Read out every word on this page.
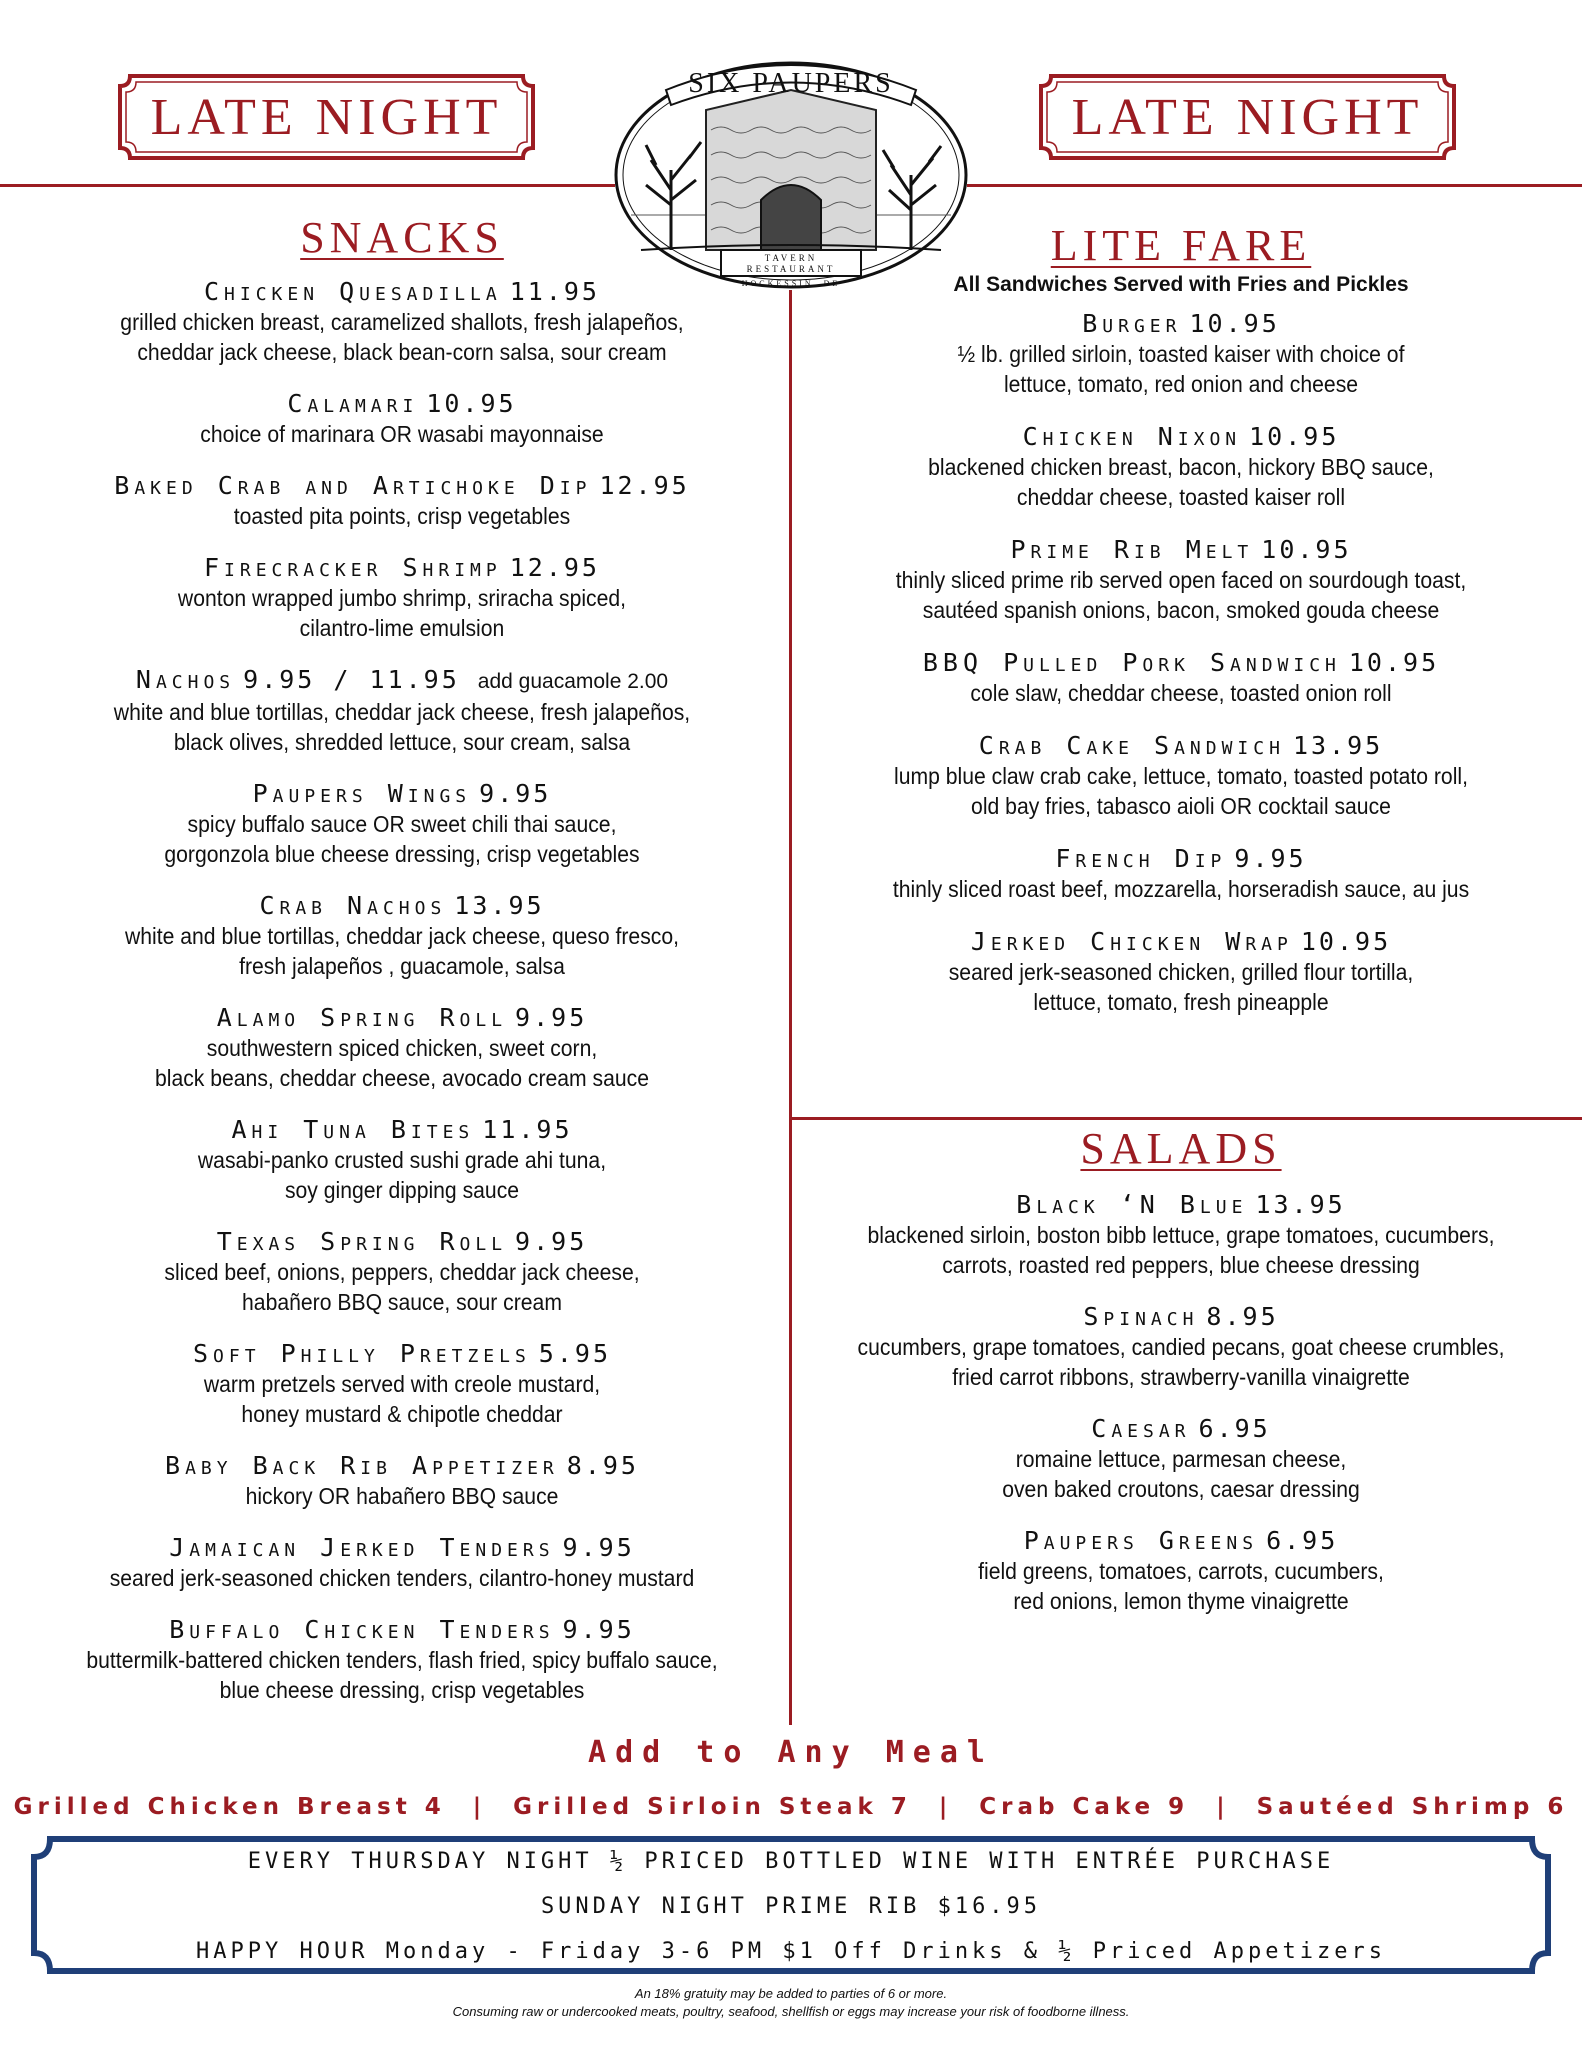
LATE NIGHT	LATE NIGHT
SIX PAUPERS
TAVERN
RESTAURANT
HOCKESSIN, DE
SNACKS
Chicken Quesadilla 11.95
grilled chicken breast, caramelized shallots, fresh jalapeños,
cheddar jack cheese, black bean-corn salsa, sour cream
Calamari 10.95
choice of marinara OR wasabi mayonnaise
Baked Crab and Artichoke Dip 12.95
toasted pita points, crisp vegetables
Firecracker Shrimp 12.95
wonton wrapped jumbo shrimp, sriracha spiced,
cilantro-lime emulsion
Nachos 9.95 / 11.95 add guacamole 2.00
white and blue tortillas, cheddar jack cheese, fresh jalapeños,
black olives, shredded lettuce, sour cream, salsa
Paupers Wings 9.95
spicy buffalo sauce OR sweet chili thai sauce,
gorgonzola blue cheese dressing, crisp vegetables
Crab Nachos 13.95
white and blue tortillas, cheddar jack cheese, queso fresco,
fresh jalapeños , guacamole, salsa
Alamo Spring Roll 9.95
southwestern spiced chicken, sweet corn,
black beans, cheddar cheese, avocado cream sauce
Ahi Tuna Bites 11.95
wasabi-panko crusted sushi grade ahi tuna,
soy ginger dipping sauce
Texas Spring Roll 9.95
sliced beef, onions, peppers, cheddar jack cheese,
habañero BBQ sauce, sour cream
Soft Philly Pretzels 5.95
warm pretzels served with creole mustard,
honey mustard & chipotle cheddar
Baby Back Rib Appetizer 8.95
hickory OR habañero BBQ sauce
Jamaican Jerked Tenders 9.95
seared jerk-seasoned chicken tenders, cilantro-honey mustard
Buffalo Chicken Tenders 9.95
buttermilk-battered chicken tenders, flash fried, spicy buffalo sauce,
blue cheese dressing, crisp vegetables
LITE FARE
All Sandwiches Served with Fries and Pickles
Burger 10.95
½ lb. grilled sirloin, toasted kaiser with choice of
lettuce, tomato, red onion and cheese
Chicken Nixon 10.95
blackened chicken breast, bacon, hickory BBQ sauce,
cheddar cheese, toasted kaiser roll
Prime Rib Melt 10.95
thinly sliced prime rib served open faced on sourdough toast,
sautéed spanish onions, bacon, smoked gouda cheese
BBQ Pulled Pork Sandwich 10.95
cole slaw, cheddar cheese, toasted onion roll
Crab Cake Sandwich 13.95
lump blue claw crab cake, lettuce, tomato, toasted potato roll,
old bay fries, tabasco aioli OR cocktail sauce
French Dip 9.95
thinly sliced roast beef, mozzarella, horseradish sauce, au jus
Jerked Chicken Wrap 10.95
seared jerk-seasoned chicken, grilled flour tortilla,
lettuce, tomato, fresh pineapple
SALADS
Black ‘N Blue 13.95
blackened sirloin, boston bibb lettuce, grape tomatoes, cucumbers,
carrots, roasted red peppers, blue cheese dressing
Spinach 8.95
cucumbers, grape tomatoes, candied pecans, goat cheese crumbles,
fried carrot ribbons, strawberry-vanilla vinaigrette
Caesar 6.95
romaine lettuce, parmesan cheese,
oven baked croutons, caesar dressing
Paupers Greens 6.95
field greens, tomatoes, carrots, cucumbers,
red onions, lemon thyme vinaigrette
Add to Any Meal
Grilled Chicken Breast 4 | Grilled Sirloin Steak 7 | Crab Cake 9 | Sautéed Shrimp 6
EVERY THURSDAY NIGHT ½ PRICED BOTTLED WINE WITH ENTRÉE PURCHASE
SUNDAY NIGHT PRIME RIB $16.95
HAPPY HOUR Monday - Friday 3-6 PM $1 Off Drinks & ½ Priced Appetizers
An 18% gratuity may be added to parties of 6 or more.
Consuming raw or undercooked meats, poultry, seafood, shellfish or eggs may increase your risk of foodborne illness.
